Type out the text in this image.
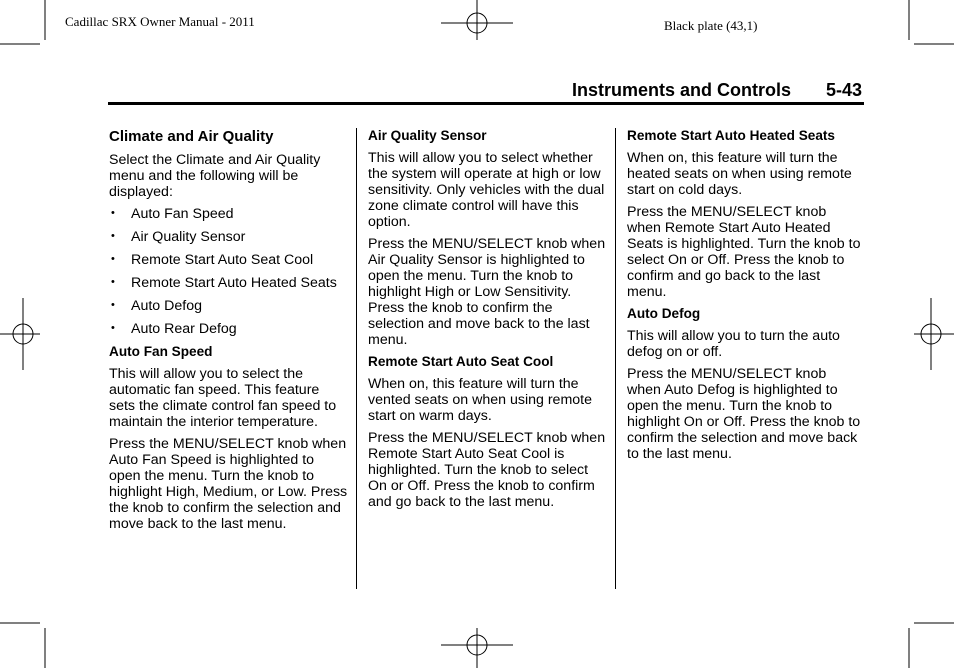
Cadillac SRX Owner Manual - 2011	Black plate (43,1)
Instruments and Controls 5-43
Climate and Air Quality

Select the Climate and Air Quality menu and the following will be displayed:

• Auto Fan Speed
• Air Quality Sensor
• Remote Start Auto Seat Cool
• Remote Start Auto Heated Seats
• Auto Defog
• Auto Rear Defog
Auto Fan Speed

This will allow you to select the automatic fan speed. This feature sets the climate control fan speed to maintain the interior temperature.

Press the MENU/SELECT knob when Auto Fan Speed is highlighted to open the menu. Turn the knob to highlight High, Medium, or Low. Press the knob to confirm the selection and move back to the last menu.

Air Quality Sensor

This will allow you to select whether the system will operate at high or low sensitivity. Only vehicles with the dual zone climate control will have this option.

Press the MENU/SELECT knob when Air Quality Sensor is highlighted to open the menu. Turn the knob to highlight High or Low Sensitivity. Press the knob to confirm the selection and move back to the last menu.

Remote Start Auto Seat Cool

When on, this feature will turn the vented seats on when using remote start on warm days.

Press the MENU/SELECT knob when Remote Start Auto Seat Cool is highlighted. Turn the knob to select On or Off. Press the knob to confirm and go back to the last menu.

Remote Start Auto Heated Seats

When on, this feature will turn the heated seats on when using remote start on cold days.

Press the MENU/SELECT knob when Remote Start Auto Heated Seats is highlighted. Turn the knob to select On or Off. Press the knob to confirm and go back to the last menu.

Auto Defog

This will allow you to turn the auto defog on or off.

Press the MENU/SELECT knob when Auto Defog is highlighted to open the menu. Turn the knob to highlight On or Off. Press the knob to confirm the selection and move back to the last menu.
